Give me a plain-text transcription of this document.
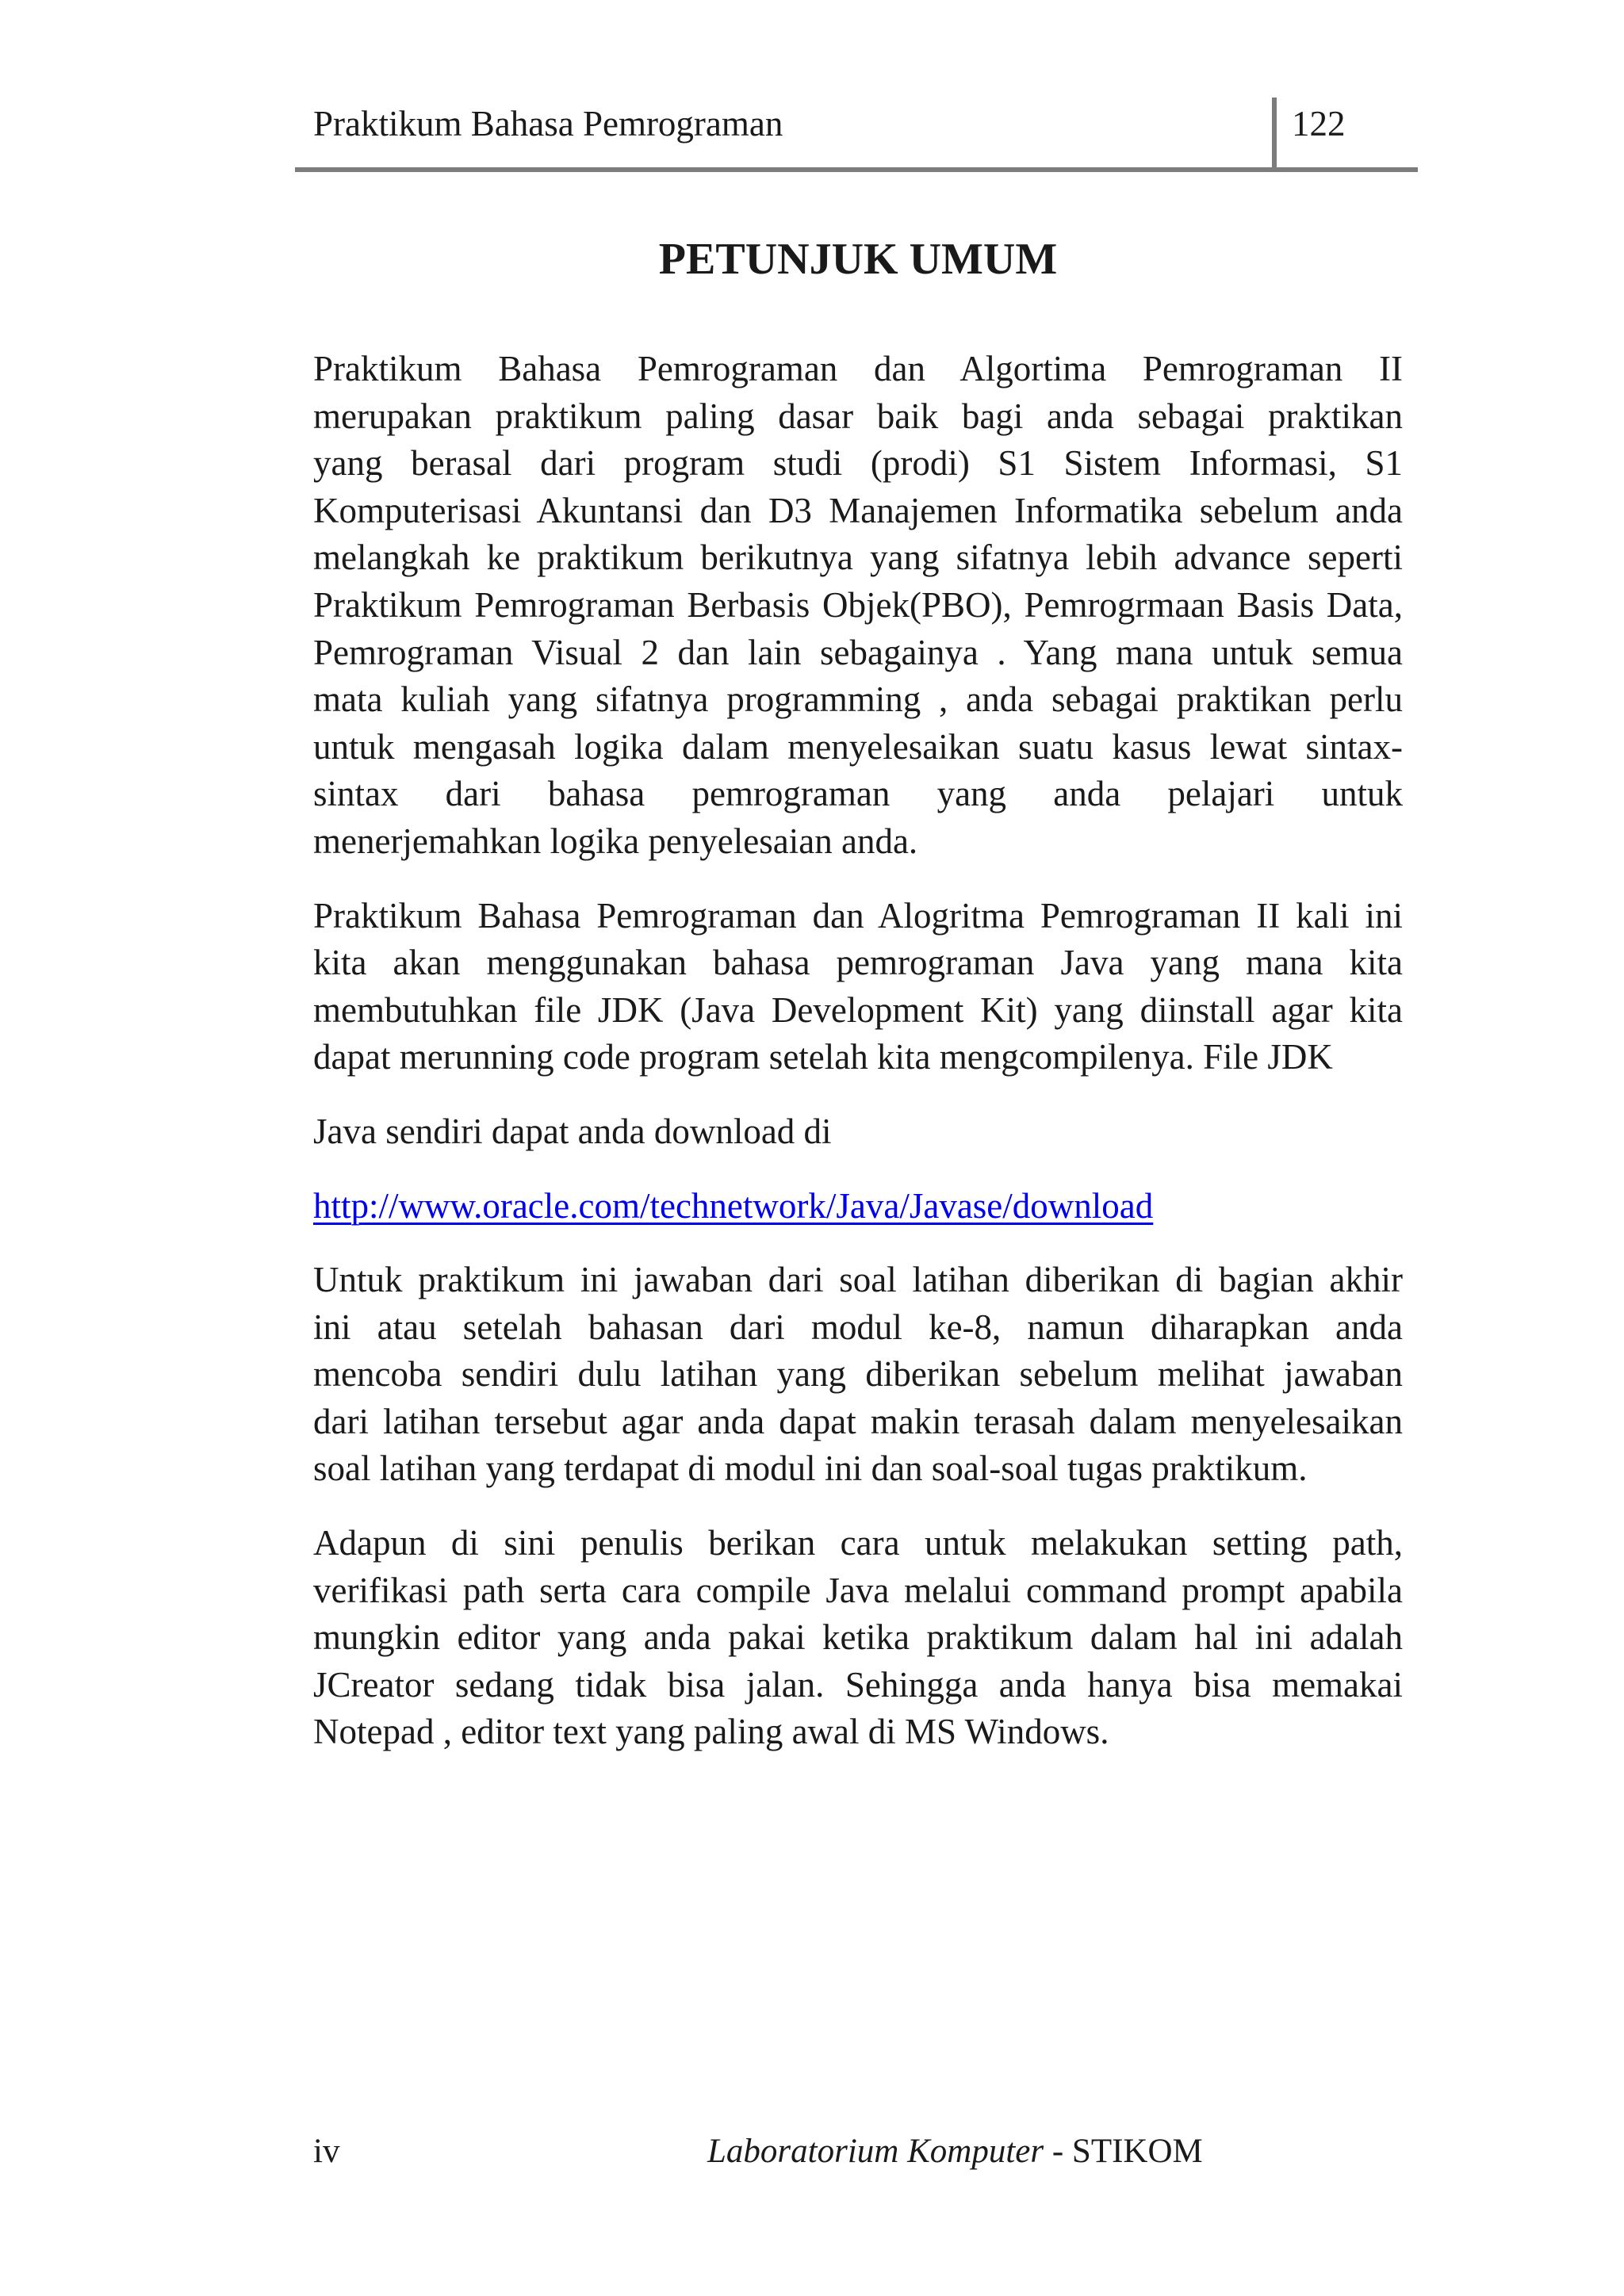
Praktikum Bahasa Pemrograman	122
PETUNJUK UMUM
Praktikum Bahasa Pemrograman dan Algortima Pemrograman II
merupakan praktikum paling dasar baik bagi anda sebagai praktikan
yang berasal dari program studi (prodi) S1 Sistem Informasi, S1
Komputerisasi Akuntansi dan D3 Manajemen Informatika sebelum anda
melangkah ke praktikum berikutnya yang sifatnya lebih advance seperti
Praktikum Pemrograman Berbasis Objek(PBO), Pemrogrmaan Basis Data,
Pemrograman Visual 2 dan lain sebagainya . Yang mana untuk semua
mata kuliah yang sifatnya programming , anda sebagai praktikan perlu
untuk mengasah logika dalam menyelesaikan suatu kasus lewat sintax-
sintax dari bahasa pemrograman yang anda pelajari untuk
menerjemahkan logika penyelesaian anda.
Praktikum Bahasa Pemrograman dan Alogritma Pemrograman II kali ini
kita akan menggunakan bahasa pemrograman Java yang mana kita
membutuhkan file JDK (Java Development Kit) yang diinstall agar kita
dapat merunning code program setelah kita mengcompilenya. File JDK
Java sendiri dapat anda download di
http://www.oracle.com/technetwork/Java/Javase/download
Untuk praktikum ini jawaban dari soal latihan diberikan di bagian akhir
ini atau setelah bahasan dari modul ke-8, namun diharapkan anda
mencoba sendiri dulu latihan yang diberikan sebelum melihat jawaban
dari latihan tersebut agar anda dapat makin terasah dalam menyelesaikan
soal latihan yang terdapat di modul ini dan soal-soal tugas praktikum.
Adapun di sini penulis berikan cara untuk melakukan setting path,
verifikasi path serta cara compile Java melalui command prompt apabila
mungkin editor yang anda pakai ketika praktikum dalam hal ini adalah
JCreator sedang tidak bisa jalan. Sehingga anda hanya bisa memakai
Notepad , editor text yang paling awal di MS Windows.
iv	Laboratorium Komputer - STIKOM
